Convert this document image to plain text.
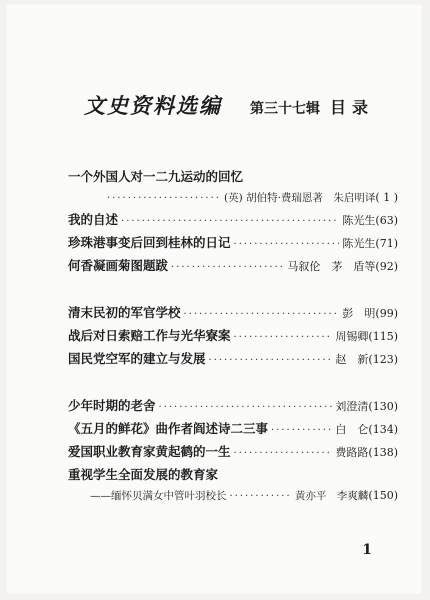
文史资料选编 第三十七辑 目录
一个外国人对一二九运动的回忆
·····
(英) 胡伯特·费瑞恩著　朱启明译 ( 1 )
我的自述 ·····	陈光生 (63)
珍珠港事变后回到桂林的日记 ·····	陈光生 (71)
何香凝画菊图题跋 ·····	马叙伦　茅　盾等 (92)
清末民初的军官学校 ·····	彭　明 (99)
战后对日索赔工作与光华寮案 ·····	周锡卿 (115)
国民党空军的建立与发展 ·····	赵　新 (123)
少年时期的老舍 ·····	刘澄清 (130)
《五月的鲜花》曲作者阎述诗二三事 ·····	白　仑 (134)
爱国职业教育家黄起鹤的一生 ·····	费路路 (138)
重视学生全面发展的教育家
——缅怀贝满女中管叶羽校长 ·····	黄亦平　李爽麟 (150)
1
